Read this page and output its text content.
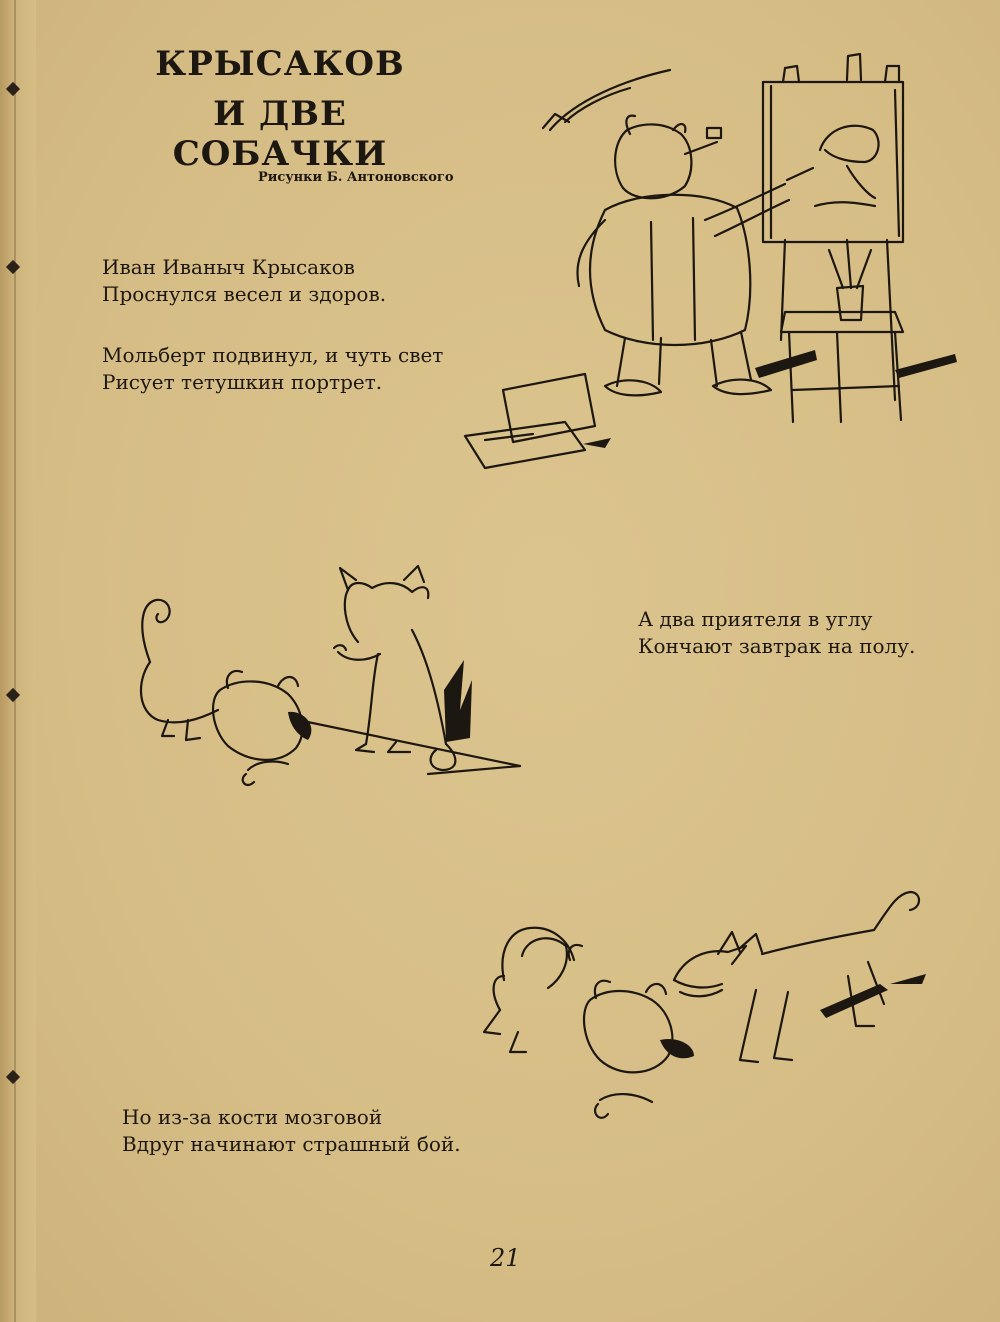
КРЫСАКОВ
И ДВЕ СОБАЧКИ

Рисунки Б. Антоновского

Иван Иваныч Крысаков
Проснулся весел и здоров.

Мольберт подвинул, и чуть свет
Рисует тетушкин портрет.

А два приятеля в углу
Кончают завтрак на полу.

Но из-за кости мозговой
Вдруг начинают страшный бой.

21
